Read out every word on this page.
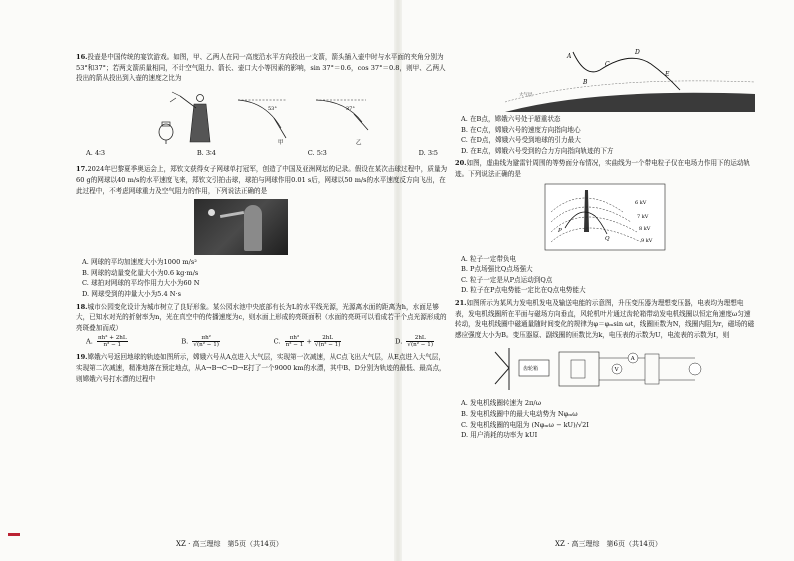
16.投壶是中国传统的宴饮游戏。如图，甲、乙两人在同一高度沿水平方向投出一支箭，箭头插入壶中时与水平面的夹角分别为53°和37°；若两支箭质量相同，不计空气阻力、箭长、壶口大小等因素的影响，sin 37°＝0.6，cos 37°＝0.8，则甲、乙两人投出的箭从投出到入壶的速度之比为

53°
甲
37°
乙
A. 4∶3	B. 3∶4	C. 5∶3	D. 3∶5

17.2024年巴黎夏季奥运会上，郑钦文获得女子网球单打冠军，创造了中国及亚洲网坛的记录。假设在某次击球过程中，质量为60 g的网球以40 m/s的水平速度飞来，郑钦文引拍击球，球拍与网球作用0.01 s后，网球以50 m/s的水平速度反方向飞出，在此过程中，不考虑网球重力及空气阻力的作用，下列说法正确的是

A. 网球的平均加速度大小为1000 m/s²

B. 网球的动量变化量大小为0.6 kg·m/s

C. 球拍对网球的平均作用力大小为60 N

D. 网球受到的冲量大小为5.4 N·s

18.城市公园变化设计为城市树立了良好形象。某公园水池中央底部有长为L的水平线光源，光源离水面的距离为h，水面足够大，已知水对光的折射率为n，光在真空中的传播速度为c，则水面上形成的亮斑面积（水面的亮斑可以看成若干个点光源形成的亮斑叠加而成）

A. $\frac{\text{πh² + 2hL}}{\text{n² − 1}}$	B. $\frac{\text{πh²}}{\text{√(n² − 1)}}$	C. $\frac{\text{πh²}}{\text{n² − 1}} + \frac{2hL}{\text{√(n² − 1)}}$	D. $\frac{2hL}{\text{√(n² − 1)}}$

19.嫦娥六号返回地球的轨迹如图所示，嫦娥六号从A点进入大气层，实现第一次减速，从C点飞出大气层，从E点进入大气层，实现第二次减速，精准地落在预定地点，从A→B→C→D→E打了一个9000 km的水漂，其中B、D分别为轨迹的最低、最高点，则嫦娥六号打水漂的过程中

XZ · 高三理综　第5页（共14页）
A
B
C
D
E
大气层

A. 在B点，嫦娥六号处于超重状态

B. 在C点，嫦娥六号的速度方向指向地心

C. 在D点，嫦娥六号受到地球的引力最大

D. 在E点，嫦娥六号受到的合力方向指向轨迹的下方

20.如图，虚曲线为避雷针周围的等势面分布情况，实曲线为一个带电粒子仅在电场力作用下的运动轨迹。下列说法正确的是

P
Q
6 kV
7 kV
8 kV
9 kV

A. 粒子一定带负电

B. P点场强比Q点场强大

C. 粒子一定是从P点运动到Q点

D. 粒子在P点电势能一定比在Q点电势能大

21.如图所示为某风力发电机发电及输送电能的示意图，升压变压器为理想变压器，电表均为理想电表，发电机线圈所在平面与磁场方向垂直，风轮机叶片通过齿轮箱带动发电机线圈以恒定角速度ω匀速转动，发电机线圈中磁通量随时间变化的规律为φ＝φₘsin ωt，线圈匝数为N，线圈内阻为r，磁场的磁感应强度大小为B。变压器原、副线圈的匝数比为k，电压表的示数为U，电流表的示数为I，则

齿轮箱	V
A

A. 发电机线圈转速为 2π/ω

B. 发电机线圈中的最大电动势为 Nφₘω

C. 发电机线圈的电阻为 (Nφₘω − kU)/√2I

D. 用户消耗的功率为 kUI

XZ · 高三理综　第6页（共14页）
